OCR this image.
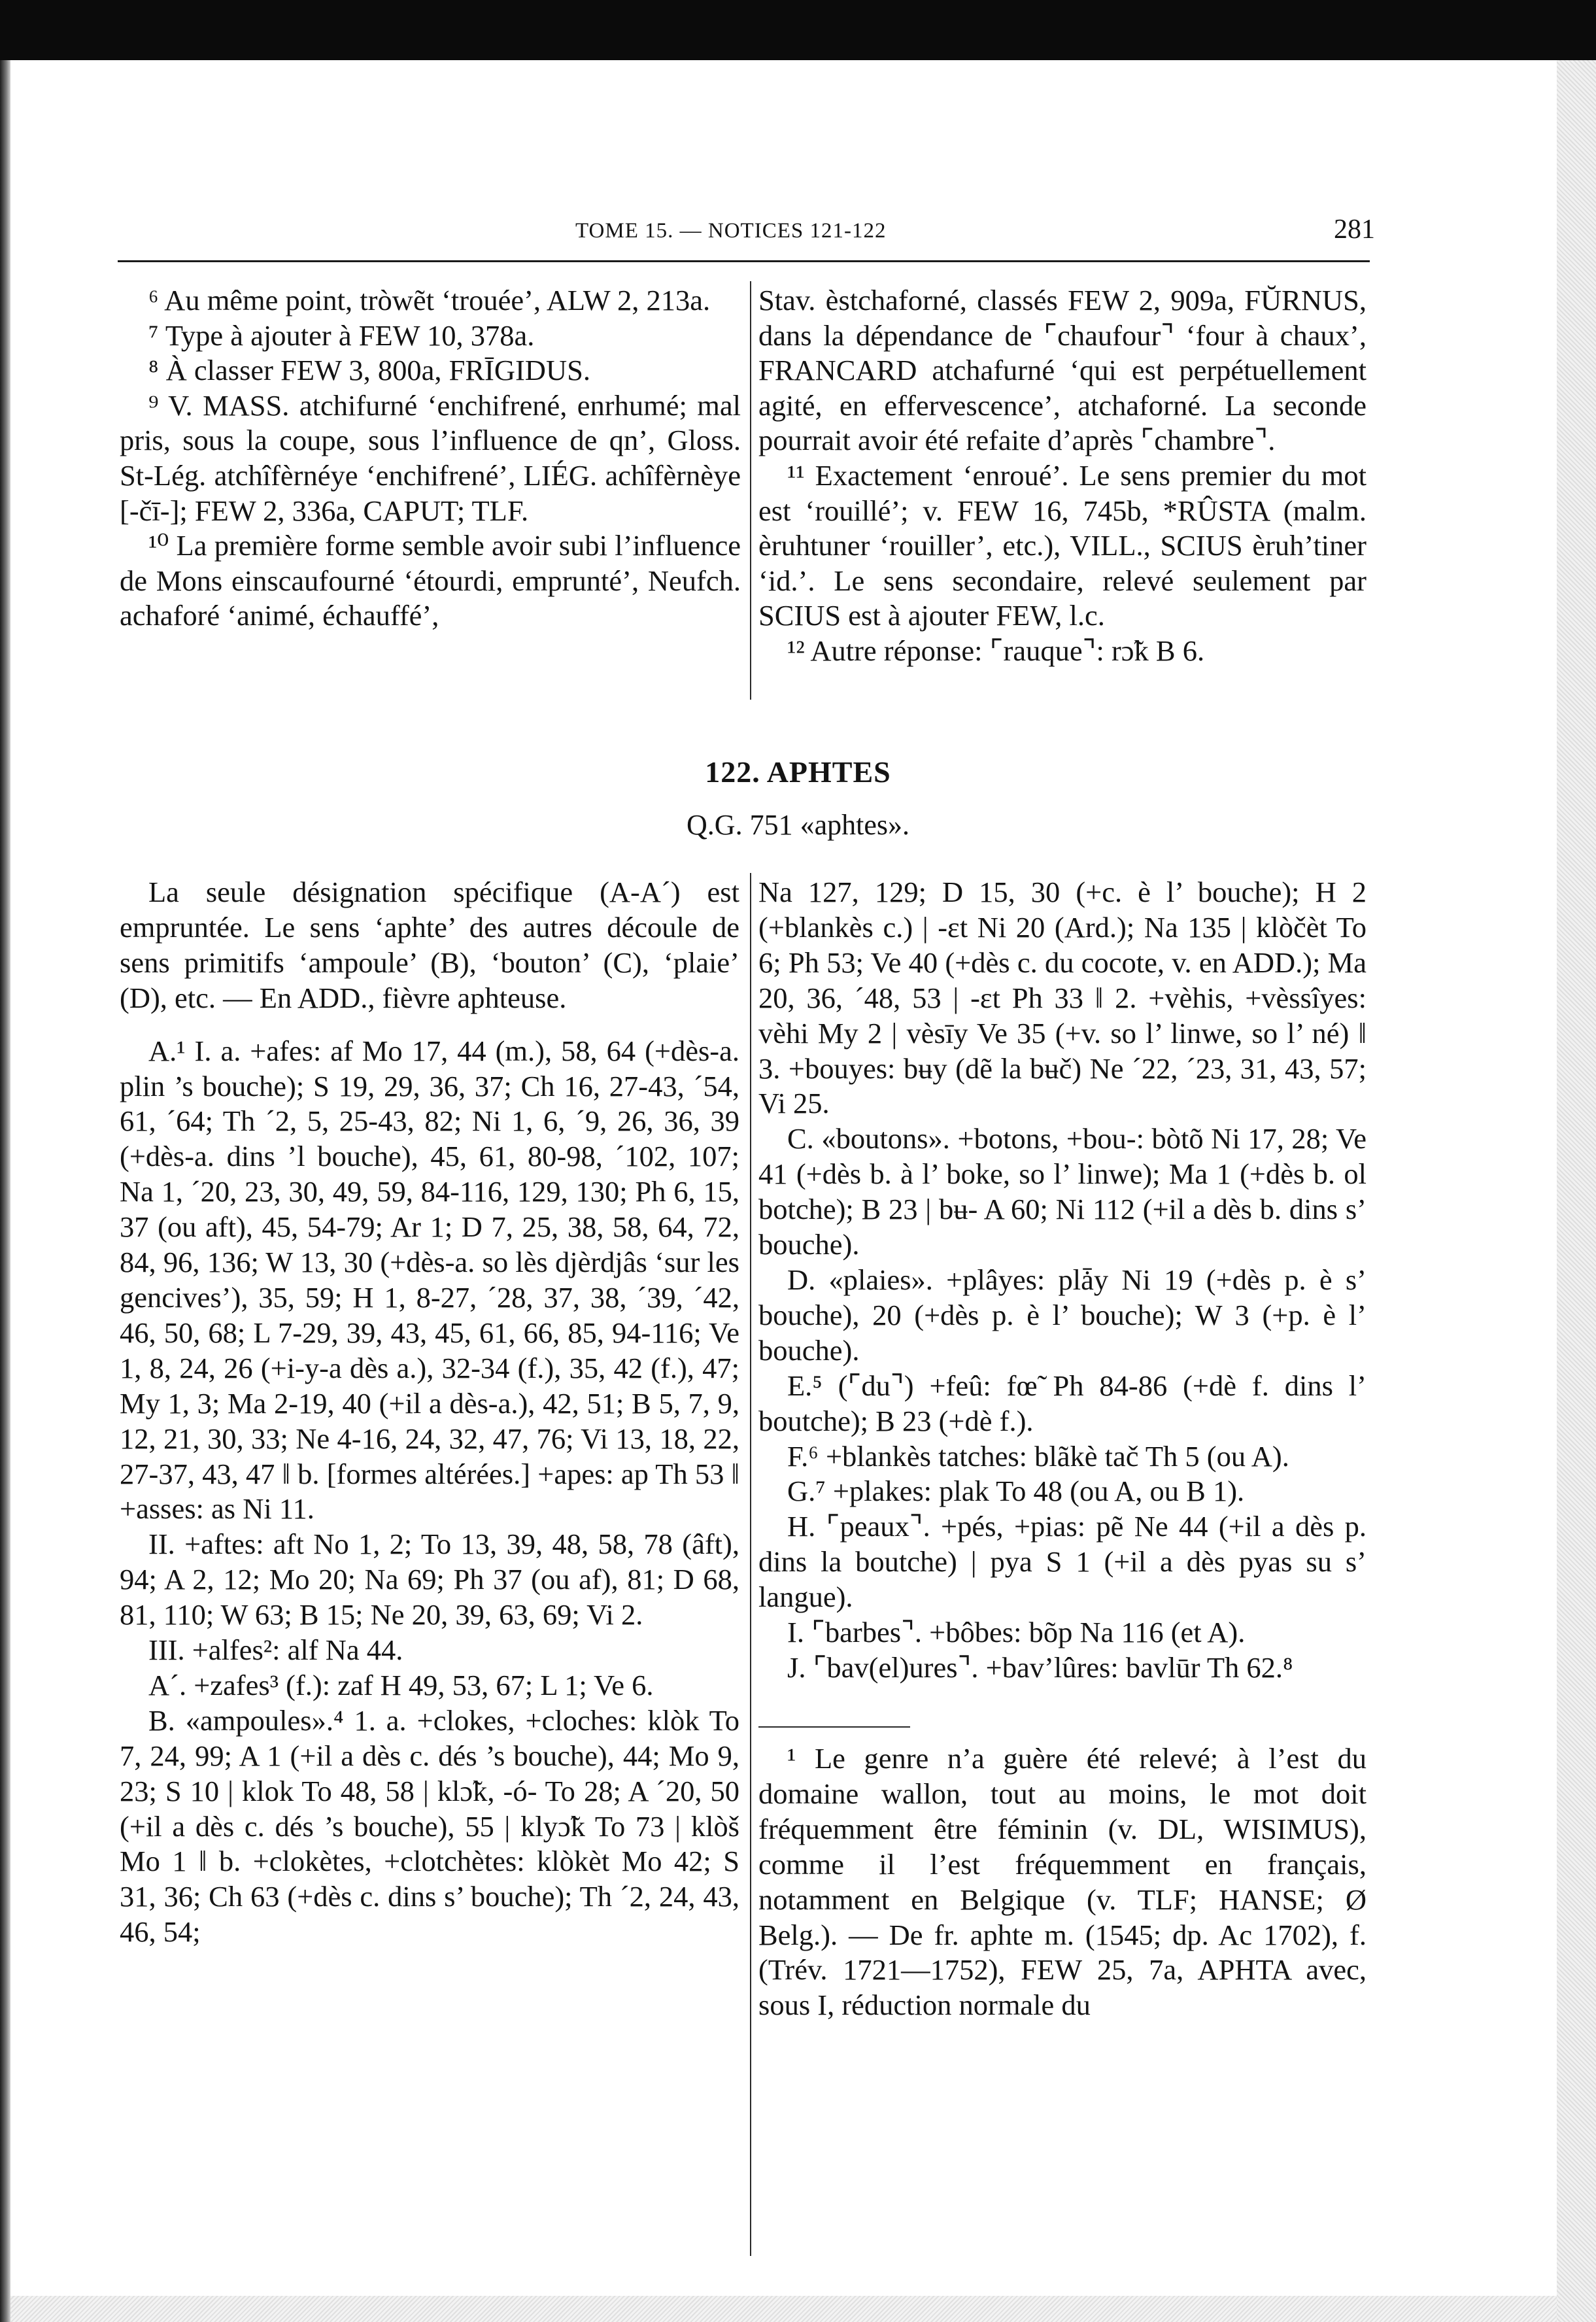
TOME 15. — NOTICES 121-122	281

⁶ Au même point, tròwẽt ‘trouée’, ALW 2, 213a.

⁷ Type à ajouter à FEW 10, 378a.

⁸ À classer FEW 3, 800a, FRĪGIDUS.

⁹ V. MASS. atchifurné ‘enchifrené, enrhumé; mal pris, sous la coupe, sous l’influence de qn’, Gloss. St-Lég. atchîfèrnéye ‘enchifrené’, LIÉG. achîfèrnèye [-čī-]; FEW 2, 336a, CAPUT; TLF.

¹⁰ La première forme semble avoir subi l’influence de Mons einscaufourné ‘étourdi, emprunté’, Neufch. achaforé ‘animé, échauffé’,

Stav. èstchaforné, classés FEW 2, 909a, FŬRNUS, dans la dépendance de ⌜chaufour⌝ ‘four à chaux’, FRANCARD atchafurné ‘qui est perpétuellement agité, en effervescence’, atchaforné. La seconde pourrait avoir été refaite d’après ⌜chambre⌝.

¹¹ Exactement ‘enroué’. Le sens premier du mot est ‘rouillé’; v. FEW 16, 745b, *RÛSTA (malm. èruhtuner ‘rouiller’, etc.), VILL., SCIUS èruh’tiner ‘id.’. Le sens secondaire, relevé seulement par SCIUS est à ajouter FEW, l.c.

¹² Autre réponse: ⌜rauque⌝: rɔ̃k B 6.

122. APHTES
Q.G. 751 «aphtes».

La seule désignation spécifique (A-A´) est empruntée. Le sens ‘aphte’ des autres découle de sens primitifs ‘ampoule’ (B), ‘bouton’ (C), ‘plaie’ (D), etc. — En ADD., fièvre aphteuse.

A.¹ I. a. +afes: af Mo 17, 44 (m.), 58, 64 (+dès-a. plin ’s bouche); S 19, 29, 36, 37; Ch 16, 27-43, ´54, 61, ´64; Th ´2, 5, 25-43, 82; Ni 1, 6, ´9, 26, 36, 39 (+dès-a. dins ’l bouche), 45, 61, 80-98, ´102, 107; Na 1, ´20, 23, 30, 49, 59, 84-116, 129, 130; Ph 6, 15, 37 (ou aft), 45, 54-79; Ar 1; D 7, 25, 38, 58, 64, 72, 84, 96, 136; W 13, 30 (+dès-a. so lès djèrdjâs ‘sur les gencives’), 35, 59; H 1, 8-27, ´28, 37, 38, ´39, ´42, 46, 50, 68; L 7-29, 39, 43, 45, 61, 66, 85, 94-116; Ve 1, 8, 24, 26 (+i-y-a dès a.), 32-34 (f.), 35, 42 (f.), 47; My 1, 3; Ma 2-19, 40 (+il a dès-a.), 42, 51; B 5, 7, 9, 12, 21, 30, 33; Ne 4-16, 24, 32, 47, 76; Vi 13, 18, 22, 27-37, 43, 47 ‖ b. [formes altérées.] +apes: ap Th 53 ‖ +asses: as Ni 11.

II. +aftes: aft No 1, 2; To 13, 39, 48, 58, 78 (âft), 94; A 2, 12; Mo 20; Na 69; Ph 37 (ou af), 81; D 68, 81, 110; W 63; B 15; Ne 20, 39, 63, 69; Vi 2.

III. +alfes²: alf Na 44.

A´. +zafes³ (f.): zaf H 49, 53, 67; L 1; Ve 6.

B. «ampoules».⁴ 1. a. +clokes, +cloches: klòk To 7, 24, 99; A 1 (+il a dès c. dés ’s bouche), 44; Mo 9, 23; S 10 | klok To 48, 58 | klɔ̃k, -ó- To 28; A ´20, 50 (+il a dès c. dés ’s bouche), 55 | klyɔ̃k To 73 | klòš Mo 1 ‖ b. +clokètes, +clotchètes: klòkèt Mo 42; S 31, 36; Ch 63 (+dès c. dins s’ bouche); Th ´2, 24, 43, 46, 54;

Na 127, 129; D 15, 30 (+c. è l’ bouche); H 2 (+blankès c.) | -ɛt Ni 20 (Ard.); Na 135 | klòčèt To 6; Ph 53; Ve 40 (+dès c. du cocote, v. en ADD.); Ma 20, 36, ´48, 53 | -ɛt Ph 33 ‖ 2. +vèhis, +vèssîyes: vèhi My 2 | vèsīy Ve 35 (+v. so l’ linwe, so l’ né) ‖ 3. +bouyes: bʉy (dẽ la bʉč) Ne ´22, ´23, 31, 43, 57; Vi 25.

C. «boutons». +botons, +bou-: bòtõ Ni 17, 28; Ve 41 (+dès b. à l’ boke, so l’ linwe); Ma 1 (+dès b. ol botche); B 23 | bʉ- A 60; Ni 112 (+il a dès b. dins s’ bouche).

D. «plaies». +plâyes: plǡy Ni 19 (+dès p. è s’ bouche), 20 (+dès p. è l’ bouche); W 3 (+p. è l’ bouche).

E.⁵ (⌜du⌝) +feû: fœ̃ Ph 84-86 (+dè f. dins l’ boutche); B 23 (+dè f.).

F.⁶ +blankès tatches: blãkè tač Th 5 (ou A).

G.⁷ +plakes: plak To 48 (ou A, ou B 1).

H. ⌜peaux⌝. +pés, +pias: pẽ Ne 44 (+il a dès p. dins la boutche) | pya S 1 (+il a dès pyas su s’ langue).

I. ⌜barbes⌝. +bôbes: bõp Na 116 (et A).

J. ⌜bav(el)ures⌝. +bav’lûres: bavlūr Th 62.⁸

¹ Le genre n’a guère été relevé; à l’est du domaine wallon, tout au moins, le mot doit fréquemment être féminin (v. DL, WISIMUS), comme il l’est fréquemment en français, notamment en Belgique (v. TLF; HANSE; Ø Belg.). — De fr. aphte m. (1545; dp. Ac 1702), f. (Trév. 1721—1752), FEW 25, 7a, APHTA avec, sous I, réduction normale du
